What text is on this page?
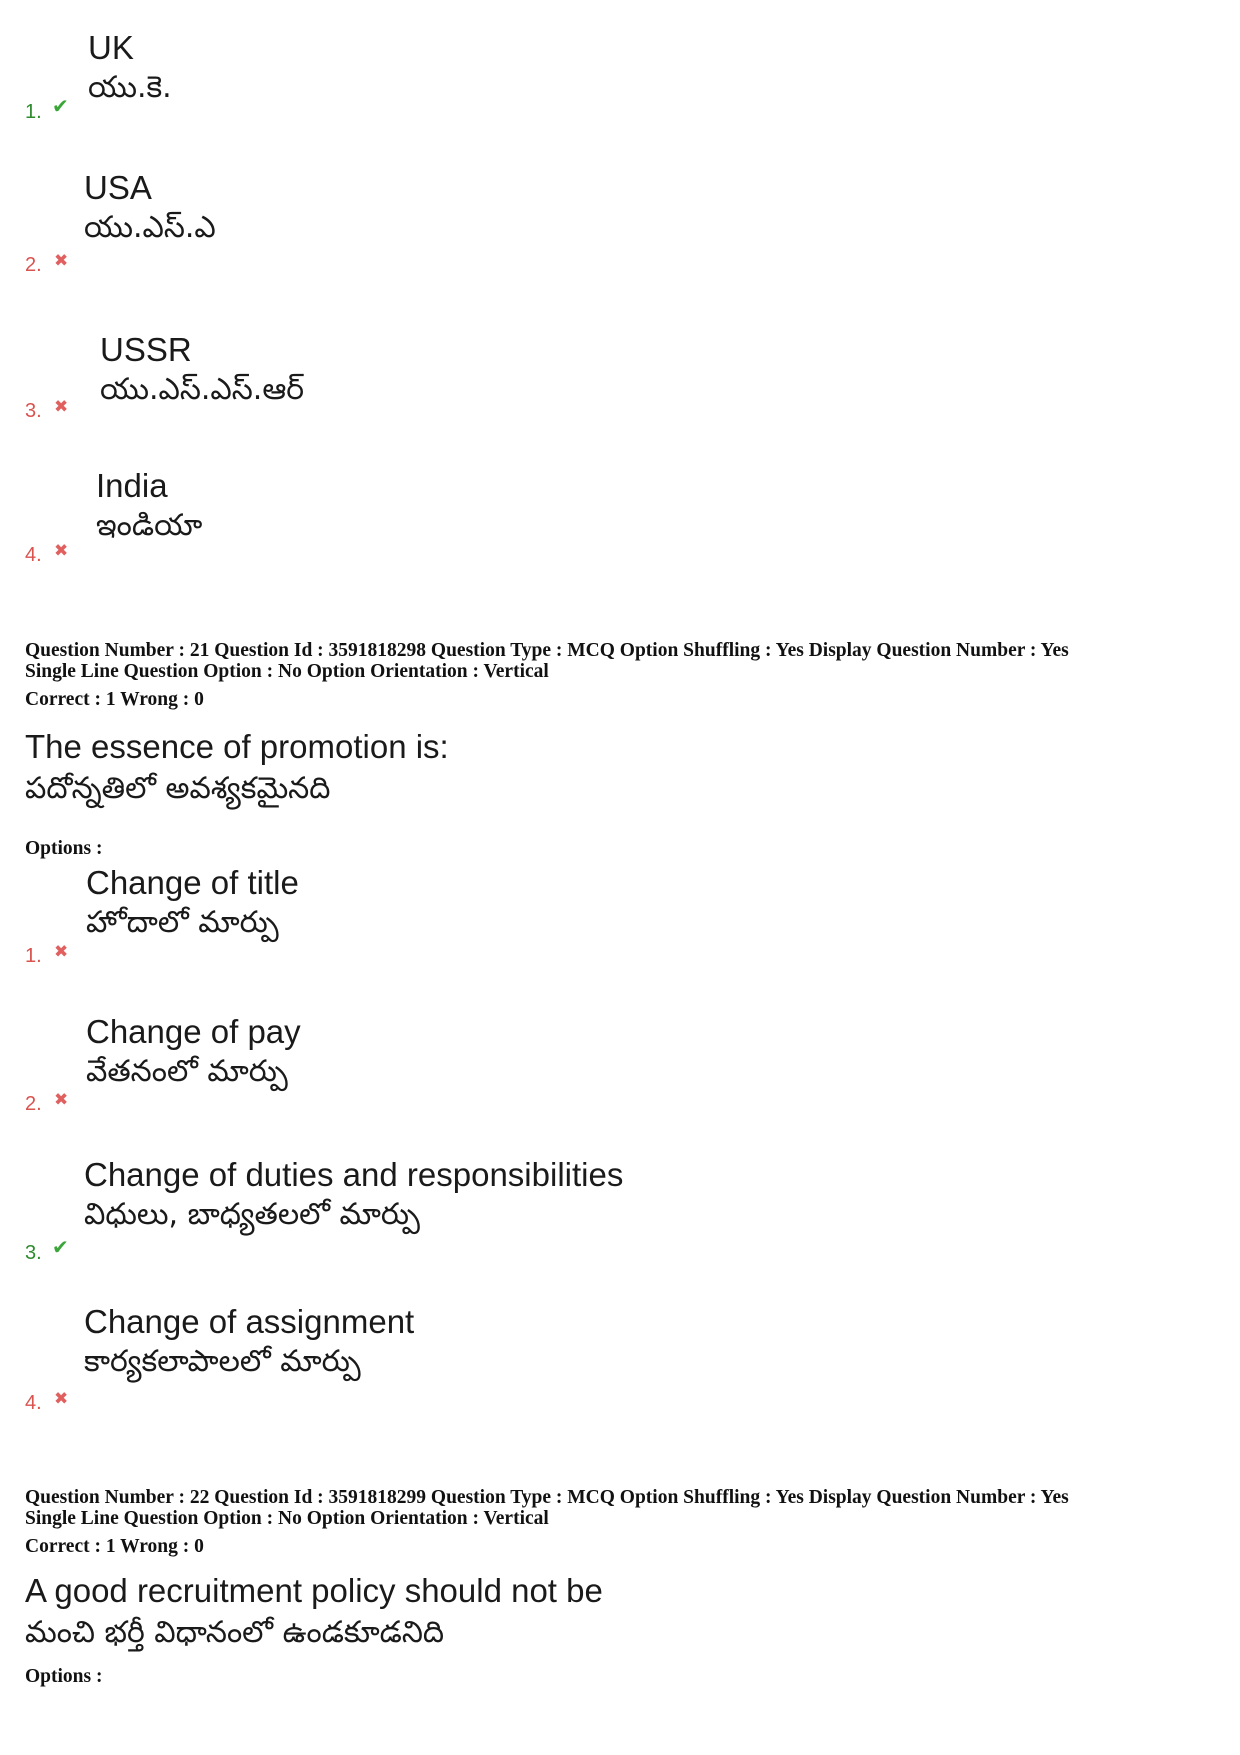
UK
యు.కె.
1. ✔
USA
యు.ఎస్.ఎ
2. ✖
USSR
యు.ఎస్.ఎస్.ఆర్
3. ✖
India
ఇండియా
4. ✖
Question Number : 21 Question Id : 3591818298 Question Type : MCQ Option Shuffling : Yes Display Question Number : Yes
Single Line Question Option : No Option Orientation : Vertical
Correct : 1 Wrong : 0
The essence of promotion is:
పదోన్నతిలో అవశ్యకమైనది
Options :
Change of title
హోదాలో మార్పు
1. ✖
Change of pay
వేతనంలో మార్పు
2. ✖
Change of duties and responsibilities
విధులు, బాధ్యతలలో మార్పు
3. ✔
Change of assignment
కార్యకలాపాలలో మార్పు
4. ✖
Question Number : 22 Question Id : 3591818299 Question Type : MCQ Option Shuffling : Yes Display Question Number : Yes
Single Line Question Option : No Option Orientation : Vertical
Correct : 1 Wrong : 0
A good recruitment policy should not be
మంచి భర్తీ విధానంలో ఉండకూడనిది
Options :
